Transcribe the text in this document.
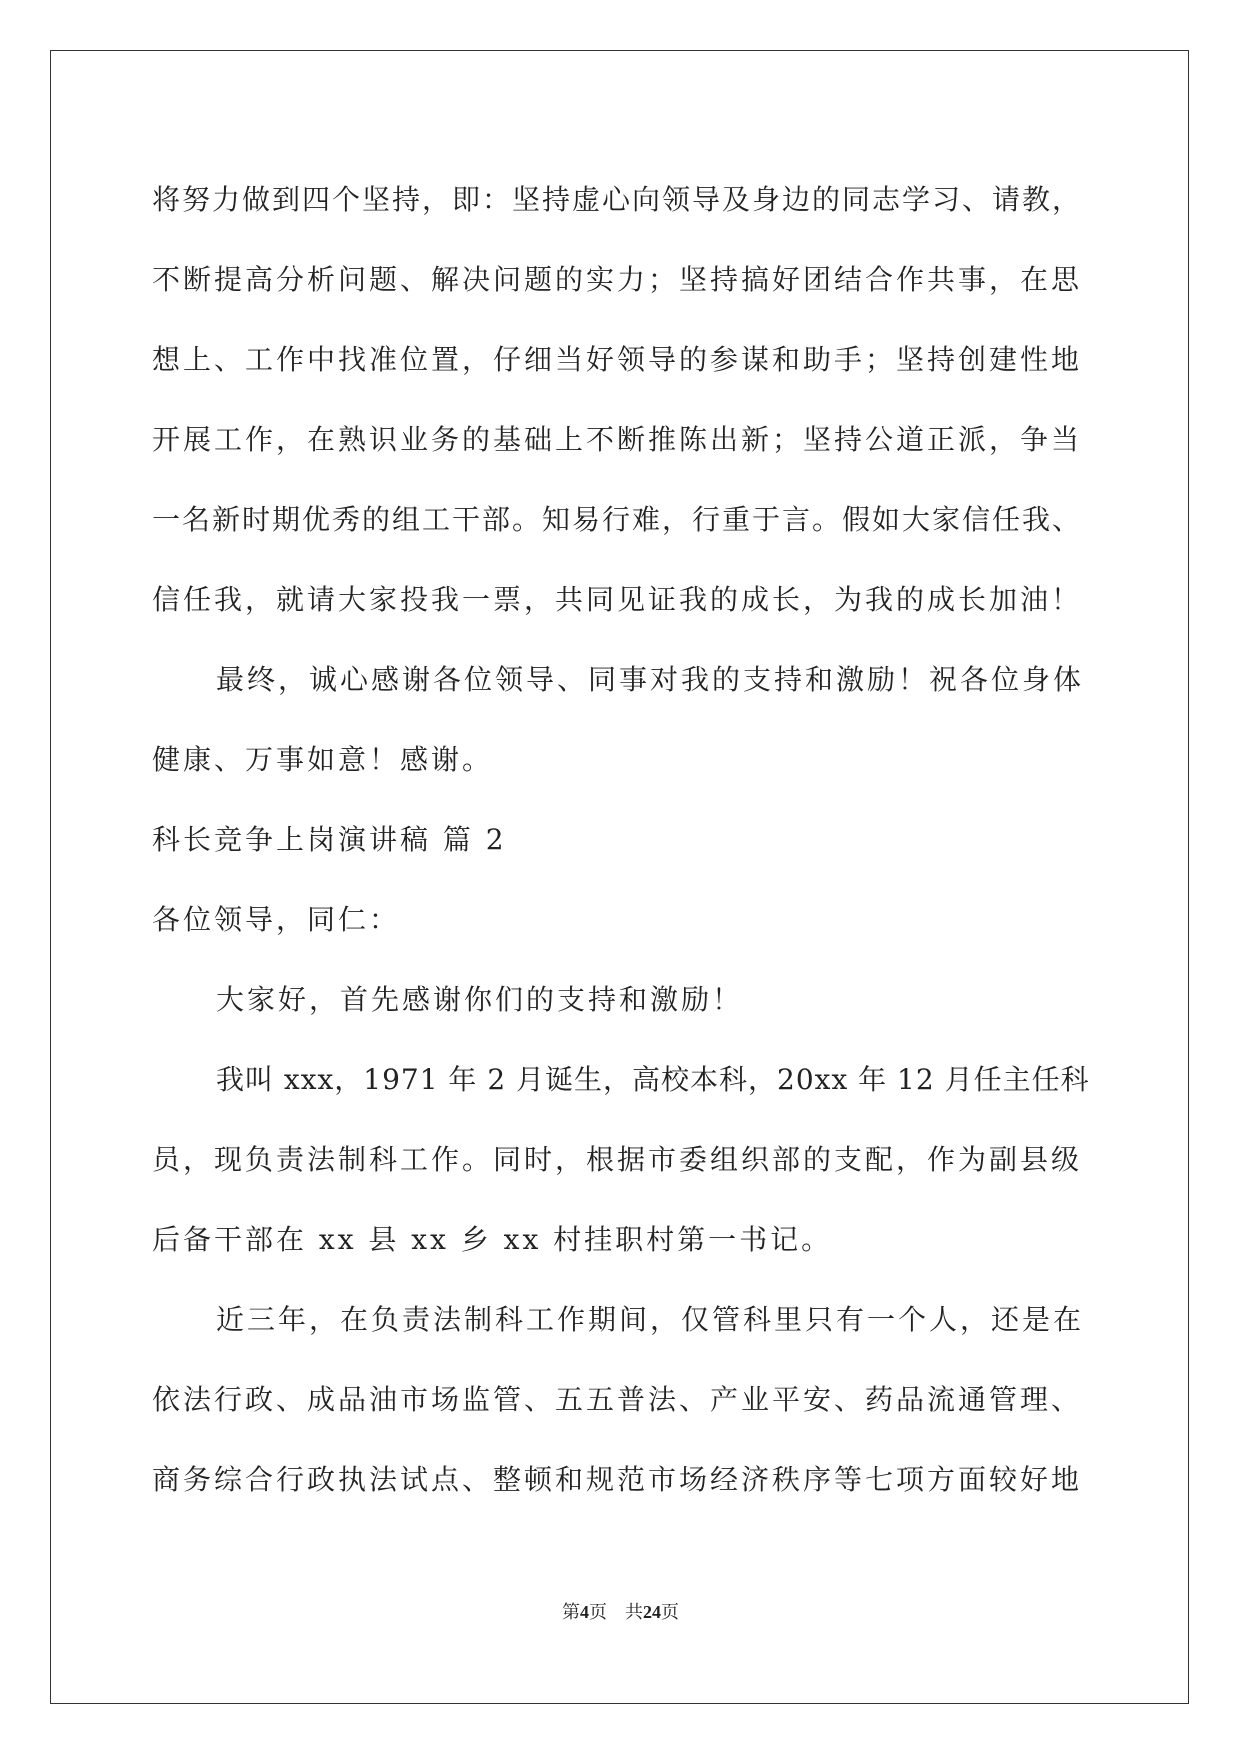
将努力做到四个坚持，即：坚持虚心向领导及身边的同志学习、请教，
不断提高分析问题、解决问题的实力；坚持搞好团结合作共事，在思
想上、工作中找准位置，仔细当好领导的参谋和助手；坚持创建性地
开展工作，在熟识业务的基础上不断推陈出新；坚持公道正派，争当
一名新时期优秀的组工干部。知易行难，行重于言。假如大家信任我、
信任我，就请大家投我一票，共同见证我的成长，为我的成长加油！
最终，诚心感谢各位领导、同事对我的支持和激励！祝各位身体
健康、万事如意！感谢。
科长竞争上岗演讲稿 篇 2
各位领导，同仁：
大家好，首先感谢你们的支持和激励！
我叫 xxx，1971 年 2 月诞生，高校本科，20xx 年 12 月任主任科
员，现负责法制科工作。同时，根据市委组织部的支配，作为副县级
后备干部在 xx 县 xx 乡 xx 村挂职村第一书记。
近三年，在负责法制科工作期间，仅管科里只有一个人，还是在
依法行政、成品油市场监管、五五普法、产业平安、药品流通管理、
商务综合行政执法试点、整顿和规范市场经济秩序等七项方面较好地
第4页 共24页
